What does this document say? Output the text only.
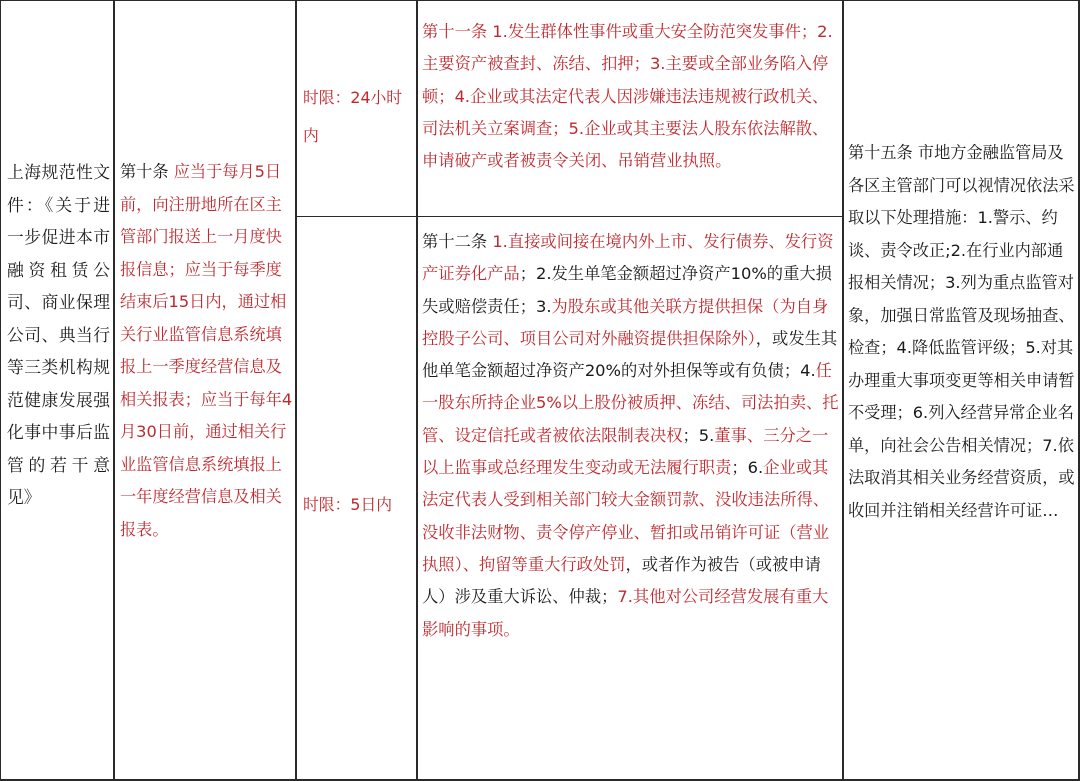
上海规范性文件：《关于进一步促进本市融资租赁公司、商业保理公司、典当行等三类机构规范健康发展强化事中事后监管的若干意见》
第十条 应当于每月5日前，向注册地所在区主管部门报送上一月度快报信息；应当于每季度结束后15日内，通过相关行业监管信息系统填报上一季度经营信息及相关报表；应当于每年4月30日前，通过相关行业监管信息系统填报上一年度经营信息及相关报表。
时限：24小时内
时限：5日内
第十一条 1.发生群体性事件或重大安全防范突发事件；2.主要资产被查封、冻结、扣押；3.主要或全部业务陷入停顿；4.企业或其法定代表人因涉嫌违法违规被行政机关、司法机关立案调查；5.企业或其主要法人股东依法解散、申请破产或者被责令关闭、吊销营业执照。
第十二条 1.直接或间接在境内外上市、发行债券、发行资产证券化产品；2.发生单笔金额超过净资产10%的重大损失或赔偿责任；3.为股东或其他关联方提供担保（为自身控股子公司、项目公司对外融资提供担保除外），或发生其他单笔金额超过净资产20%的对外担保等或有负债；4.任一股东所持企业5%以上股份被质押、冻结、司法拍卖、托管、设定信托或者被依法限制表决权；5.董事、三分之一以上监事或总经理发生变动或无法履行职责；6.企业或其法定代表人受到相关部门较大金额罚款、没收违法所得、没收非法财物、责令停产停业、暂扣或吊销许可证（营业执照）、拘留等重大行政处罚，或者作为被告（或被申请人）涉及重大诉讼、仲裁；7.其他对公司经营发展有重大影响的事项。
第十五条 市地方金融监管局及各区主管部门可以视情况依法采取以下处理措施：1.警示、约谈、责令改正;2.在行业内部通报相关情况；3.列为重点监管对象，加强日常监管及现场抽查、检查；4.降低监管评级；5.对其办理重大事项变更等相关申请暂不受理；6.列入经营异常企业名单，向社会公告相关情况；7.依法取消其相关业务经营资质，或收回并注销相关经营许可证…
